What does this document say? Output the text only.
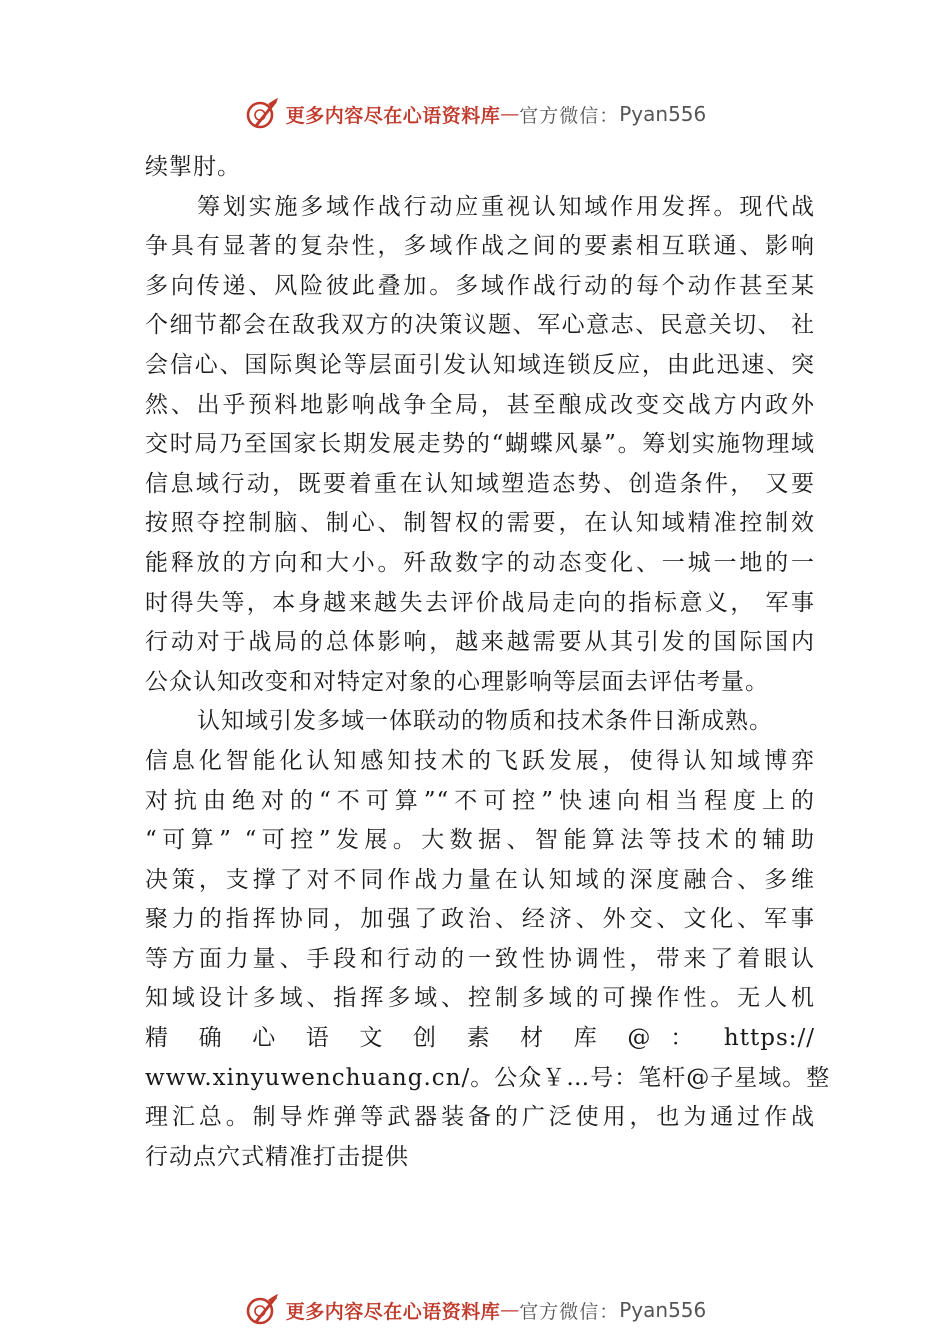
更多内容尽在心语资料库 — 官方微信： Pyan556
续掣肘。
筹划实施多域作战行动应重视认知域作用发挥。现代战
争具有显著的复杂性，多域作战之间的要素相互联通、影响
多向传递、风险彼此叠加。多域作战行动的每个动作甚至某
个细节都会在敌我双方的决策议题、军心意志、民意关切、 社
会信心、国际舆论等层面引发认知域连锁反应，由此迅速、突
然、出乎预料地影响战争全局，甚至酿成改变交战方内政外
交时局乃至国家长期发展走势的“蝴蝶风暴”。筹划实施物理域
信息域行动，既要着重在认知域塑造态势、创造条件， 又要
按照夺控制脑、制心、制智权的需要，在认知域精准控制效
能释放的方向和大小。歼敌数字的动态变化、一城一地的一
时得失等，本身越来越失去评价战局走向的指标意义， 军事
行动对于战局的总体影响，越来越需要从其引发的国际国内
公众认知改变和对特定对象的心理影响等层面去评估考量。
认知域引发多域一体联动的物质和技术条件日渐成熟。
信息化智能化认知感知技术的飞跃发展，使得认知域博弈
对抗由绝对的“不可算”“不可控”快速向相当程度上的
“可算” “可控”发展。大数据、智能算法等技术的辅助
决策，支撑了对不同作战力量在认知域的深度融合、多维
聚力的指挥协同，加强了政治、经济、外交、文化、军事
等方面力量、手段和行动的一致性协调性，带来了着眼认
知域设计多域、指挥多域、控制多域的可操作性。无人机
精 确 心 语 文 创 素 材 库 @ ： https://
www.xinyuwenchuang.cn/。公众￥…号：笔杆@子星域。整
理汇总。制导炸弹等武器装备的广泛使用，也为通过作战
行动点穴式精准打击提供
更多内容尽在心语资料库 — 官方微信： Pyan556
